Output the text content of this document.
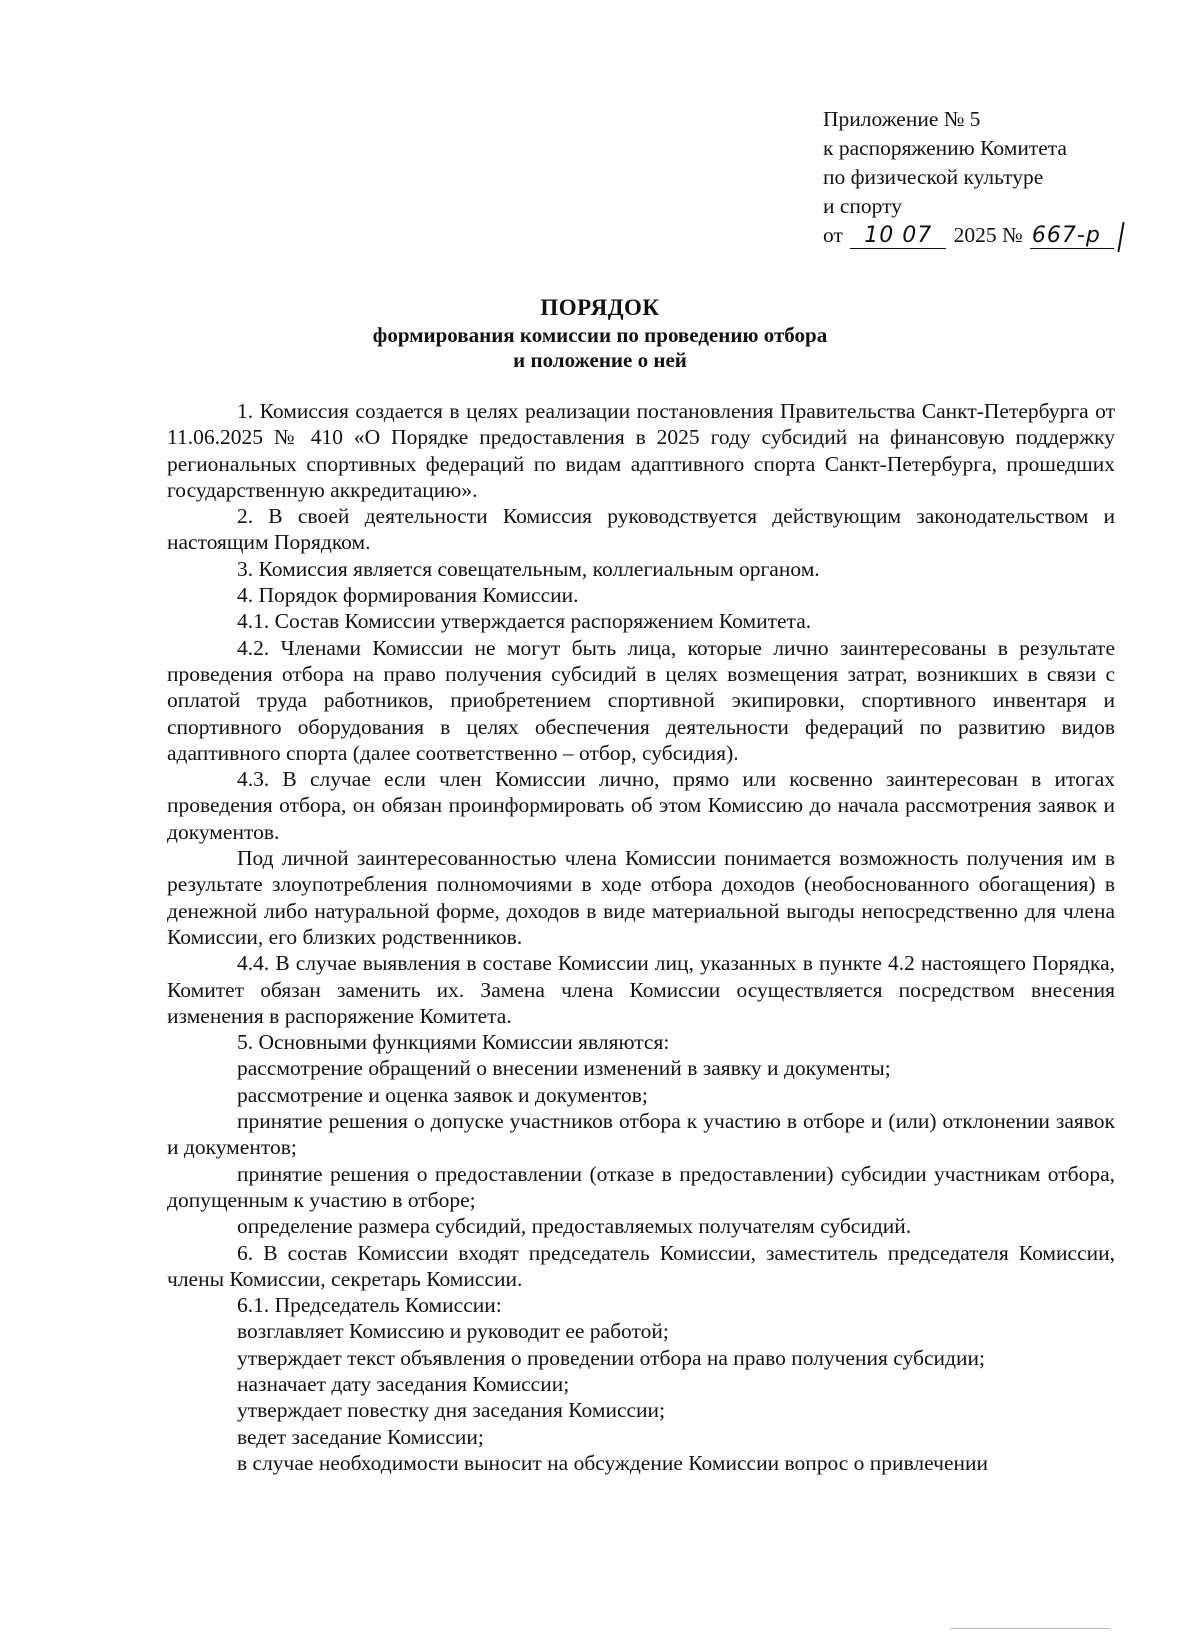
Приложение № 5
к распоряжению Комитета
по физической культуре
и спорту
от 10 07 2025 № 667-р
ПОРЯДОК
формирования комиссии по проведению отбора
и положение о ней

1. Комиссия создается в целях реализации постановления Правительства Санкт-Петербурга от 11.06.2025 № 410 «О Порядке предоставления в 2025 году субсидий на финансовую поддержку региональных спортивных федераций по видам адаптивного спорта Санкт-Петербурга, прошедших государственную аккредитацию».

2. В своей деятельности Комиссия руководствуется действующим законодательством и настоящим Порядком.

3. Комиссия является совещательным, коллегиальным органом.

4. Порядок формирования Комиссии.

4.1. Состав Комиссии утверждается распоряжением Комитета.

4.2. Членами Комиссии не могут быть лица, которые лично заинтересованы в результате проведения отбора на право получения субсидий в целях возмещения затрат, возникших в связи с оплатой труда работников, приобретением спортивной экипировки, спортивного инвентаря и спортивного оборудования в целях обеспечения деятельности федераций по развитию видов адаптивного спорта (далее соответственно – отбор, субсидия).

4.3. В случае если член Комиссии лично, прямо или косвенно заинтересован в итогах проведения отбора, он обязан проинформировать об этом Комиссию до начала рассмотрения заявок и документов.

Под личной заинтересованностью члена Комиссии понимается возможность получения им в результате злоупотребления полномочиями в ходе отбора доходов (необоснованного обогащения) в денежной либо натуральной форме, доходов в виде материальной выгоды непосредственно для члена Комиссии, его близких родственников.

4.4. В случае выявления в составе Комиссии лиц, указанных в пункте 4.2 настоящего Порядка, Комитет обязан заменить их. Замена члена Комиссии осуществляется посредством внесения изменения в распоряжение Комитета.

5. Основными функциями Комиссии являются:

рассмотрение обращений о внесении изменений в заявку и документы;

рассмотрение и оценка заявок и документов;

принятие решения о допуске участников отбора к участию в отборе и (или) отклонении заявок и документов;

принятие решения о предоставлении (отказе в предоставлении) субсидии участникам отбора, допущенным к участию в отборе;

определение размера субсидий, предоставляемых получателям субсидий.

6. В состав Комиссии входят председатель Комиссии, заместитель председателя Комиссии, члены Комиссии, секретарь Комиссии.

6.1. Председатель Комиссии:

возглавляет Комиссию и руководит ее работой;

утверждает текст объявления о проведении отбора на право получения субсидии;

назначает дату заседания Комиссии;

утверждает повестку дня заседания Комиссии;

ведет заседание Комиссии;

в случае необходимости выносит на обсуждение Комиссии вопрос о привлечении
